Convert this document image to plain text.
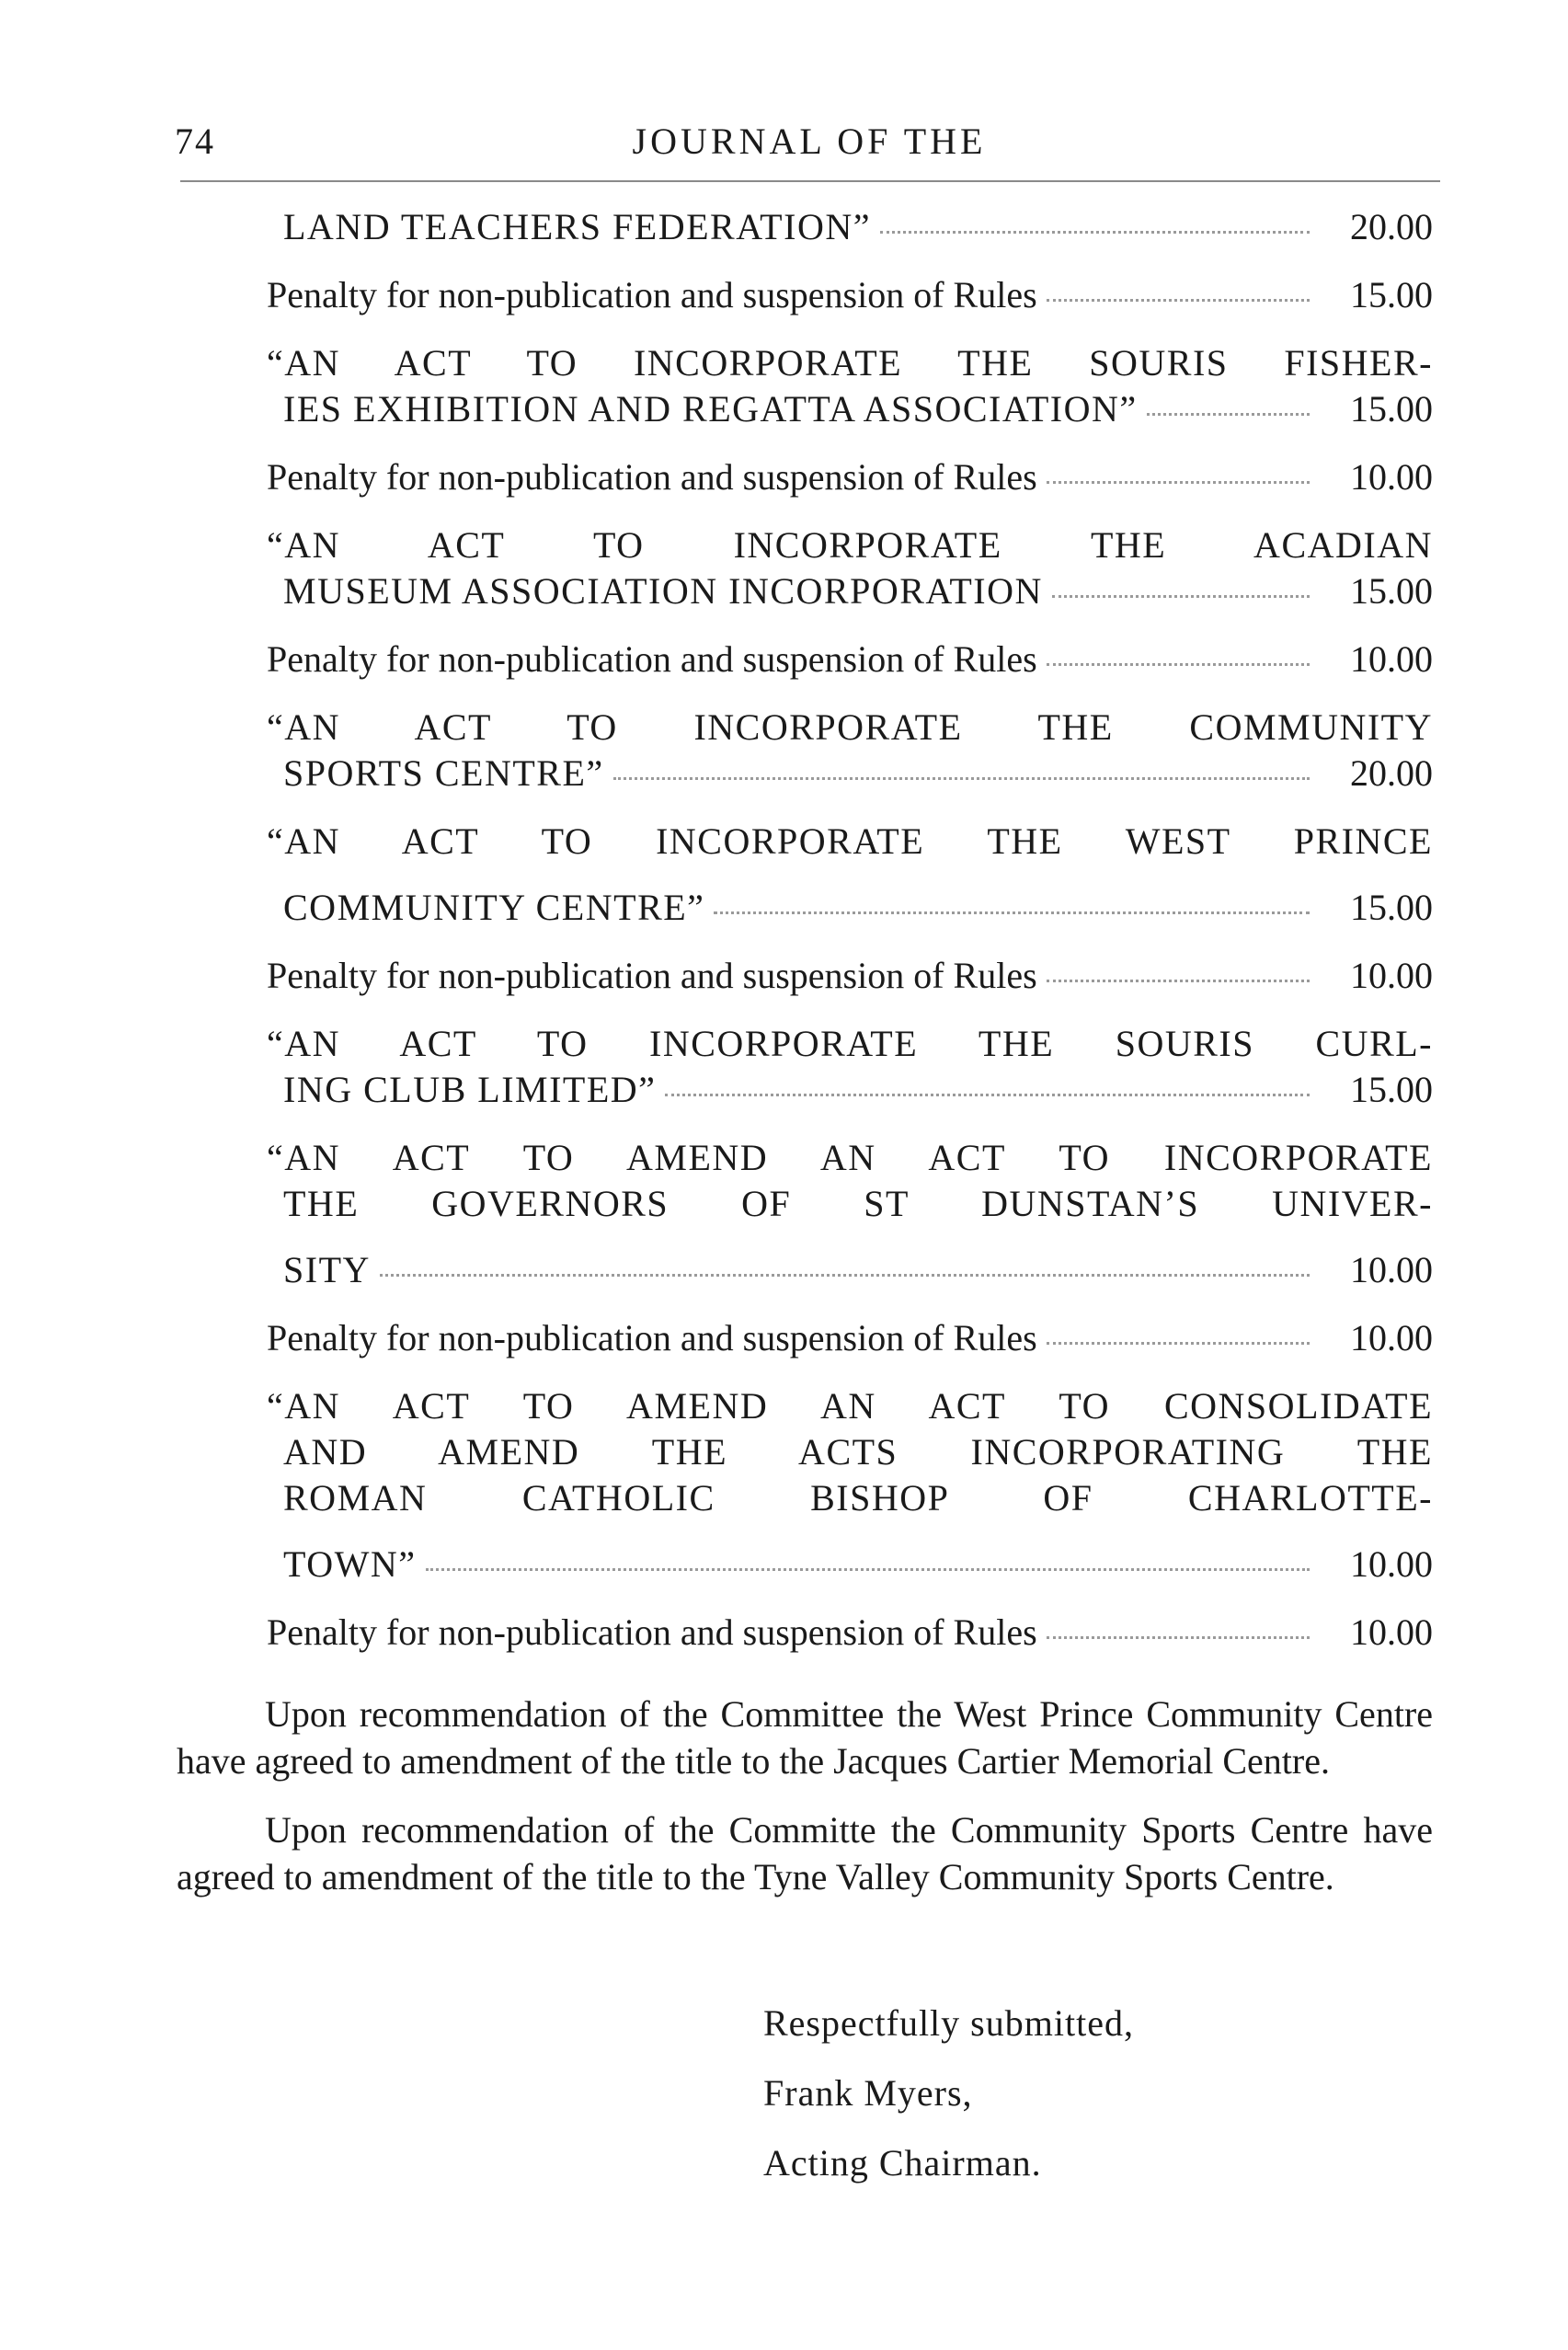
74	JOURNAL OF THE
LAND TEACHERS FEDERATION”	20.00
Penalty for non-publication and suspension of Rules	15.00
“AN ACT TO INCORPORATE THE SOURIS FISHER-
IES EXHIBITION AND REGATTA ASSOCIATION”	15.00
Penalty for non-publication and suspension of Rules	10.00
“AN ACT TO INCORPORATE THE ACADIAN
MUSEUM ASSOCIATION INCORPORATION	15.00
Penalty for non-publication and suspension of Rules	10.00
“AN ACT TO INCORPORATE THE COMMUNITY
SPORTS CENTRE”	20.00
“AN ACT TO INCORPORATE THE WEST PRINCE
COMMUNITY CENTRE”	15.00
Penalty for non-publication and suspension of Rules	10.00
“AN ACT TO INCORPORATE THE SOURIS CURL-
ING CLUB LIMITED”	15.00
“AN ACT TO AMEND AN ACT TO INCORPORATE
THE GOVERNORS OF ST DUNSTAN’S UNIVER-
SITY	10.00
Penalty for non-publication and suspension of Rules	10.00
“AN ACT TO AMEND AN ACT TO CONSOLIDATE
AND AMEND THE ACTS INCORPORATING THE
ROMAN CATHOLIC BISHOP OF CHARLOTTE-
TOWN”	10.00
Penalty for non-publication and suspension of Rules	10.00

Upon recommendation of the Committee the West Prince Community Centre have agreed to amendment of the title to the Jacques Cartier Memorial Centre.

Upon recommendation of the Committe the Community Sports Centre have agreed to amendment of the title to the Tyne Valley Community Sports Centre.

Respectfully submitted,
Frank Myers,
Acting Chairman.
